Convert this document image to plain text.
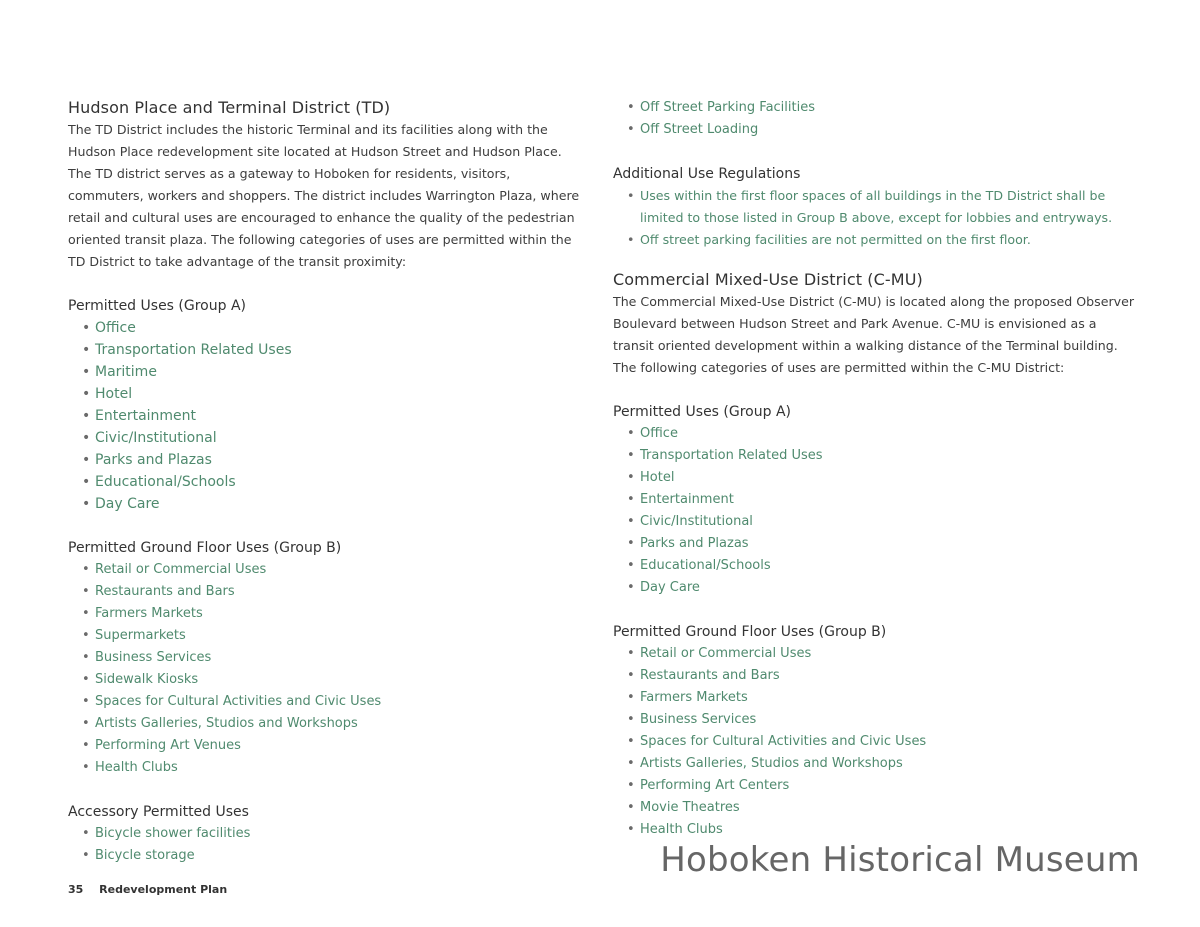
Hudson Place and Terminal District (TD)

The TD District includes the historic Terminal and its facilities along with the Hudson Place redevelopment site located at Hudson Street and Hudson Place. The TD district serves as a gateway to Hoboken for residents, visitors, commuters, workers and shoppers. The district includes Warrington Plaza, where retail and cultural uses are encouraged to enhance the quality of the pedestrian oriented transit plaza. The following categories of uses are permitted within the TD District to take advantage of the transit proximity:

Permitted Uses (Group A)
• Office
• Transportation Related Uses
• Maritime
• Hotel
• Entertainment
• Civic/Institutional
• Parks and Plazas
• Educational/Schools
• Day Care
Permitted Ground Floor Uses (Group B)
• Retail or Commercial Uses
• Restaurants and Bars
• Farmers Markets
• Supermarkets
• Business Services
• Sidewalk Kiosks
• Spaces for Cultural Activities and Civic Uses
• Artists Galleries, Studios and Workshops
• Performing Art Venues
• Health Clubs
Accessory Permitted Uses
• Bicycle shower facilities
• Bicycle storage
• Off Street Parking Facilities
• Off Street Loading
Additional Use Regulations
• Uses within the first floor spaces of all buildings in the TD District shall be limited to those listed in Group B above, except for lobbies and entryways.
• Off street parking facilities are not permitted on the first floor.
Commercial Mixed-Use District (C-MU)

The Commercial Mixed-Use District (C-MU) is located along the proposed Observer Boulevard between Hudson Street and Park Avenue. C-MU is envisioned as a transit oriented development within a walking distance of the Terminal building. The following categories of uses are permitted within the C-MU District:

Permitted Uses (Group A)
• Office
• Transportation Related Uses
• Hotel
• Entertainment
• Civic/Institutional
• Parks and Plazas
• Educational/Schools
• Day Care
Permitted Ground Floor Uses (Group B)
• Retail or Commercial Uses
• Restaurants and Bars
• Farmers Markets
• Business Services
• Spaces for Cultural Activities and Civic Uses
• Artists Galleries, Studios and Workshops
• Performing Art Centers
• Movie Theatres
• Health Clubs
35 Redevelopment Plan
Hoboken Historical Museum
